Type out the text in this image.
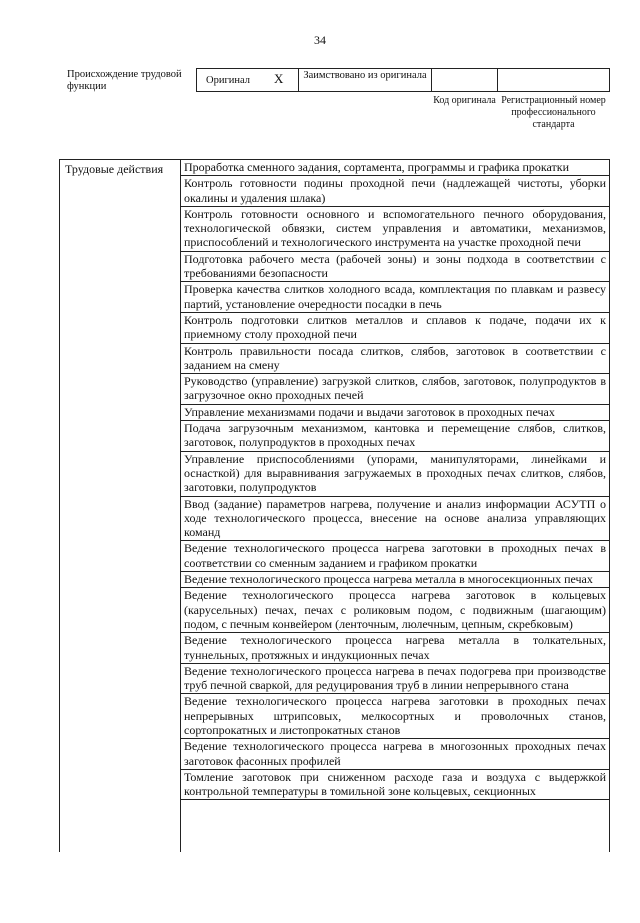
34
Происхождение трудовой функции
Оригинал X	Заимствовано из оригинала
Код оригинала Регистрационный номер профессионального стандарта
Трудовые действия	Проработка сменного задания, сортамента, программы и графика прокатки
Контроль готовности подины проходной печи (надлежащей чистоты, уборки окалины и удаления шлака)
Контроль готовности основного и вспомогательного печного оборудования, технологической обвязки, систем управления и автоматики, механизмов, приспособлений и технологического инструмента на участке проходной печи
Подготовка рабочего места (рабочей зоны) и зоны подхода в соответствии с требованиями безопасности
Проверка качества слитков холодного всада, комплектация по плавкам и развесу партий, установление очередности посадки в печь
Контроль подготовки слитков металлов и сплавов к подаче, подачи их к приемному столу проходной печи
Контроль правильности посада слитков, слябов, заготовок в соответствии с заданием на смену
Руководство (управление) загрузкой слитков, слябов, заготовок, полупродуктов в загрузочное окно проходных печей
Управление механизмами подачи и выдачи заготовок в проходных печах
Подача загрузочным механизмом, кантовка и перемещение слябов, слитков, заготовок, полупродуктов в проходных печах
Управление приспособлениями (упорами, манипуляторами, линейками и оснасткой) для выравнивания загружаемых в проходных печах слитков, слябов, заготовки, полупродуктов
Ввод (задание) параметров нагрева, получение и анализ информации АСУТП о ходе технологического процесса, внесение на основе анализа управляющих команд
Ведение технологического процесса нагрева заготовки в проходных печах в соответствии со сменным заданием и графиком прокатки
Ведение технологического процесса нагрева металла в многосекционных печах
Ведение технологического процесса нагрева заготовок в кольцевых (карусельных) печах, печах с роликовым подом, с подвижным (шагающим) подом, с печным конвейером (ленточным, люлечным, цепным, скребковым)
Ведение технологического процесса нагрева металла в толкательных, туннельных, протяжных и индукционных печах
Ведение технологического процесса нагрева в печах подогрева при производстве труб печной сваркой, для редуцирования труб в линии непрерывного стана
Ведение технологического процесса нагрева заготовки в проходных печах непрерывных штрипсовых, мелкосортных и проволочных станов, сортопрокатных и листопрокатных станов
Ведение технологического процесса нагрева в многозонных проходных печах заготовок фасонных профилей
Томление заготовок при сниженном расходе газа и воздуха с выдержкой контрольной температуры в томильной зоне кольцевых, секционных
